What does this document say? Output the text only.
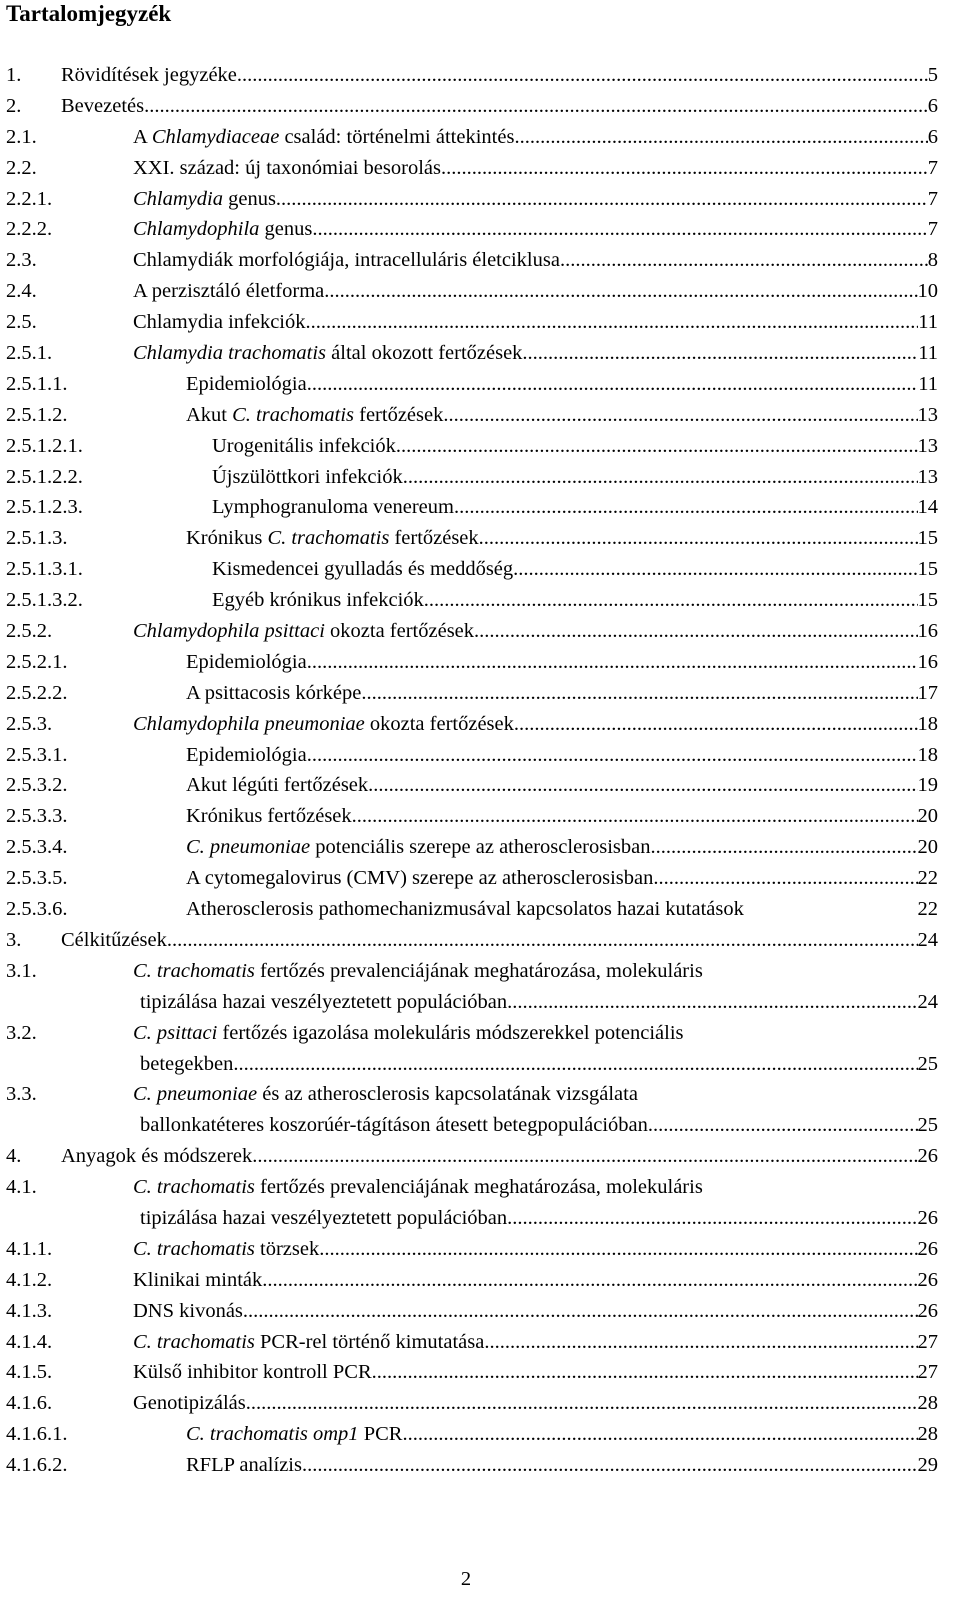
Tartalomjegyzék
1. Rövidítések jegyzéke .....	5
2. Bevezetés .....	6
2.1.	A Chlamydiaceae család: történelmi áttekintés .....	6
2.2.	XXI. század: új taxonómiai besorolás .....	7
2.2.1.	Chlamydia genus .....	7
2.2.2.	Chlamydophila genus .....	7
2.3.	Chlamydiák morfológiája, intracelluláris életciklusa .....	8
2.4.	A perzisztáló életforma .....	10
2.5.	Chlamydia infekciók .....	11
2.5.1.	Chlamydia trachomatis által okozott fertőzések .....	11
2.5.1.1.	Epidemiológia .....	11
2.5.1.2.	Akut C. trachomatis fertőzések .....	13
2.5.1.2.1.	Urogenitális infekciók .....	13
2.5.1.2.2.	Újszülöttkori infekciók .....	13
2.5.1.2.3.	Lymphogranuloma venereum .....	14
2.5.1.3.	Krónikus C. trachomatis fertőzések .....	15
2.5.1.3.1.	Kismedencei gyulladás és meddőség .....	15
2.5.1.3.2.	Egyéb krónikus infekciók .....	15
2.5.2.	Chlamydophila psittaci okozta fertőzések .....	16
2.5.2.1.	Epidemiológia .....	16
2.5.2.2.	A psittacosis kórképe .....	17
2.5.3.	Chlamydophila pneumoniae okozta fertőzések .....	18
2.5.3.1.	Epidemiológia .....	18
2.5.3.2.	Akut légúti fertőzések .....	19
2.5.3.3.	Krónikus fertőzések .....	20
2.5.3.4.	C. pneumoniae potenciális szerepe az atherosclerosisban .....	20
2.5.3.5.	A cytomegalovirus (CMV) szerepe az atherosclerosisban .....	22
2.5.3.6.	Atherosclerosis pathomechanizmusával kapcsolatos hazai kutatások	22
3. Célkitűzések .....	24
3.1.	C. trachomatis fertőzés prevalenciájának meghatározása, molekuláris
tipizálása hazai veszélyeztetett populációban .....	24
3.2.	C. psittaci fertőzés igazolása molekuláris módszerekkel potenciális
betegekben .....	25
3.3.	C. pneumoniae és az atherosclerosis kapcsolatának vizsgálata
ballonkatéteres koszorúér-tágításon átesett betegpopulációban .....	25
4. Anyagok és módszerek .....	26
4.1.	C. trachomatis fertőzés prevalenciájának meghatározása, molekuláris
tipizálása hazai veszélyeztetett populációban .....	26
4.1.1.	C. trachomatis törzsek .....	26
4.1.2.	Klinikai minták .....	26
4.1.3.	DNS kivonás .....	26
4.1.4.	C. trachomatis PCR-rel történő kimutatása .....	27
4.1.5.	Külső inhibitor kontroll PCR .....	27
4.1.6.	Genotipizálás .....	28
4.1.6.1.	C. trachomatis omp1 PCR .....	28
4.1.6.2.	RFLP analízis .....	29
2
